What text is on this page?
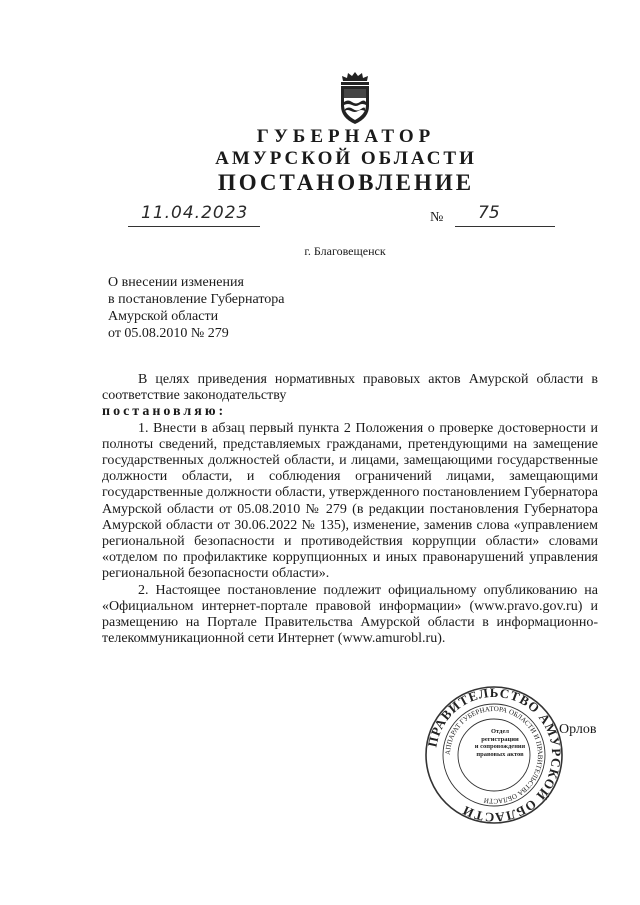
ГУБЕРНАТОР
АМУРСКОЙ ОБЛАСТИ
ПОСТАНОВЛЕНИЕ
11.04.2023	№ 75
г. Благовещенск
О внесении изменения
в постановление Губернатора
Амурской области
от 05.08.2010 № 279

В целях приведения нормативных правовых актов Амурской области в соответствие законодательству

постановляю:

1. Внести в абзац первый пункта 2 Положения о проверке достоверности и полноты сведений, представляемых гражданами, претендующими на замещение государственных должностей области, и лицами, замещающими государственные должности области, и соблюдения ограничений лицами, замещающими государственные должности области, утвержденного постановлением Губернатора Амурской области от 05.08.2010 № 279 (в редакции постановления Губернатора Амурской области от 30.06.2022 № 135), изменение, заменив слова «управлением региональной безопасности и противодействия коррупции области» словами «отделом по профилактике коррупционных и иных правонарушений управления региональной безопасности области».

2. Настоящее постановление подлежит официальному опубликованию на «Официальном интернет-портале правовой информации» (www.pravo.gov.ru) и размещению на Портале Правительства Амурской области в информационно-телекоммуникационной сети Интернет (www.amurobl.ru).

ПРАВИТЕЛЬСТВО АМУРСКОЙ ОБЛАСТИ
АППАРАТ ГУБЕРНАТОРА ОБЛАСТИ И ПРАВИТЕЛЬСТВА ОБЛАСТИ
Отдел
регистрации
и сопровождения
правовых актов
Орлов
